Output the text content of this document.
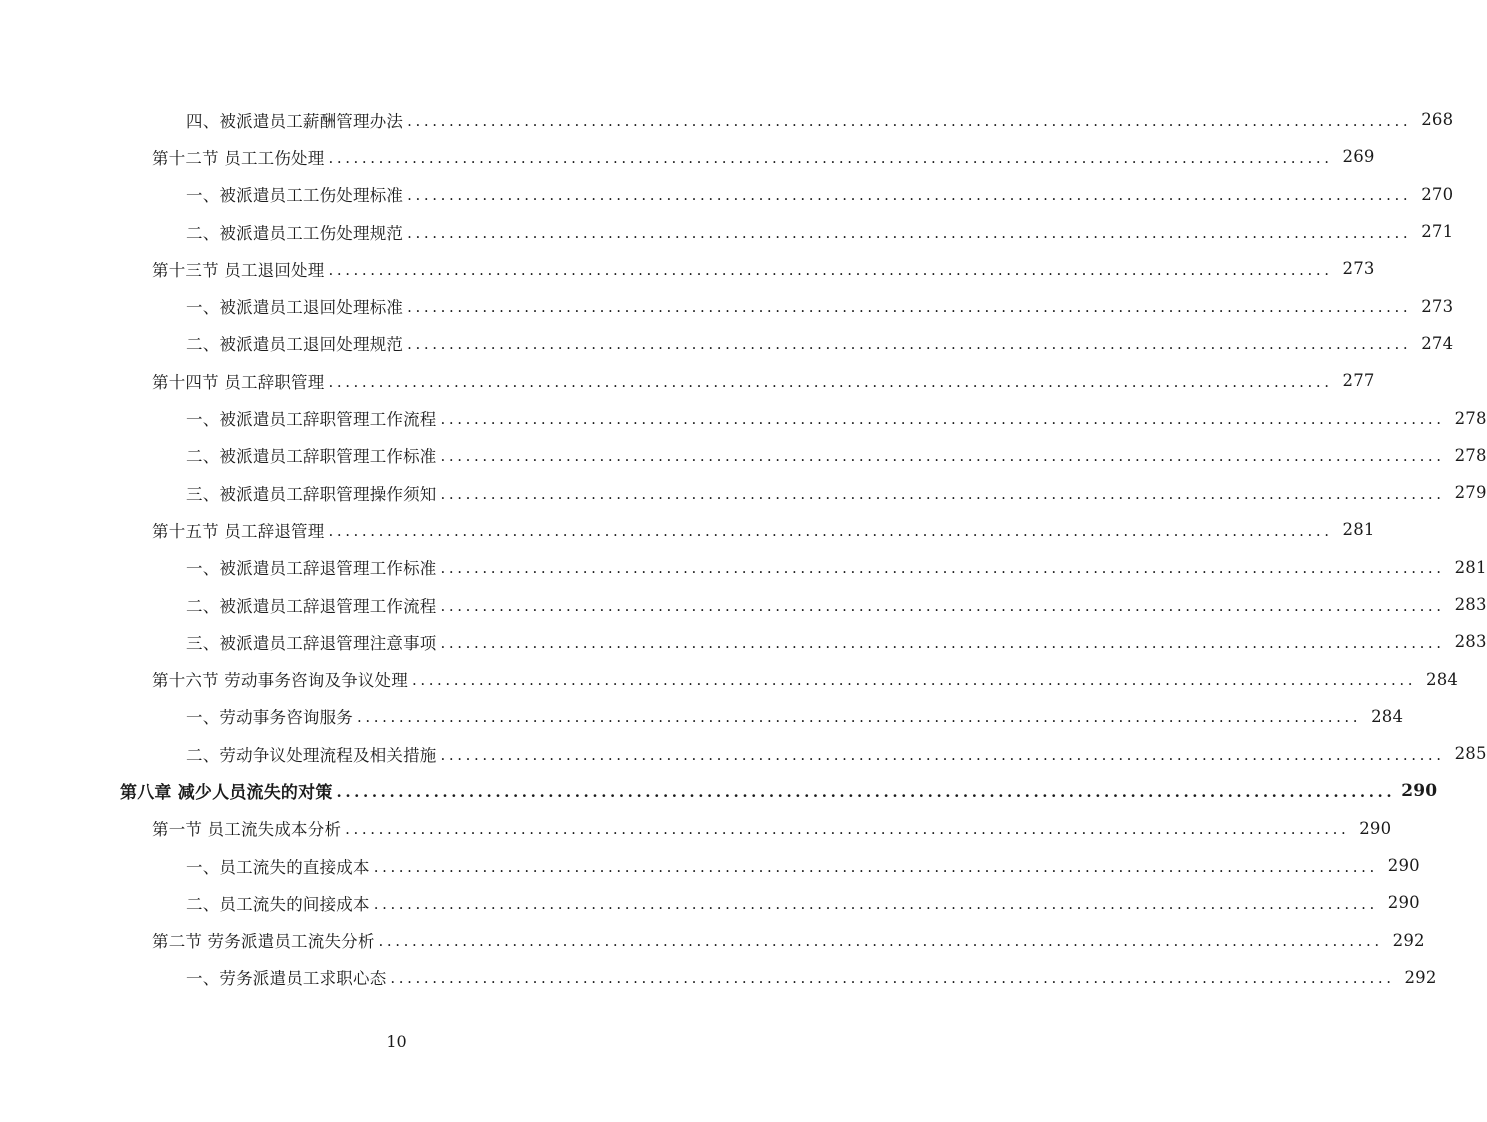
四、被派遣员工薪酬管理办法 ........................................................................................................................ 268
第十二节 员工工伤处理 ........................................................................................................................ 269
一、被派遣员工工伤处理标准 ........................................................................................................................ 270
二、被派遣员工工伤处理规范 ........................................................................................................................ 271
第十三节 员工退回处理 ........................................................................................................................ 273
一、被派遣员工退回处理标准 ........................................................................................................................ 273
二、被派遣员工退回处理规范 ........................................................................................................................ 274
第十四节 员工辞职管理 ........................................................................................................................ 277
一、被派遣员工辞职管理工作流程 ........................................................................................................................ 278
二、被派遣员工辞职管理工作标准 ........................................................................................................................ 278
三、被派遣员工辞职管理操作须知 ........................................................................................................................ 279
第十五节 员工辞退管理 ........................................................................................................................ 281
一、被派遣员工辞退管理工作标准 ........................................................................................................................ 281
二、被派遣员工辞退管理工作流程 ........................................................................................................................ 283
三、被派遣员工辞退管理注意事项 ........................................................................................................................ 283
第十六节 劳动事务咨询及争议处理 ........................................................................................................................ 284
一、劳动事务咨询服务 ........................................................................................................................ 284
二、劳动争议处理流程及相关措施 ........................................................................................................................ 285
第八章 减少人员流失的对策 ........................................................................................................................ 290
第一节 员工流失成本分析 ........................................................................................................................ 290
一、员工流失的直接成本 ........................................................................................................................ 290
二、员工流失的间接成本 ........................................................................................................................ 290
第二节 劳务派遣员工流失分析 ........................................................................................................................ 292
一、劳务派遣员工求职心态 ........................................................................................................................ 292
10
